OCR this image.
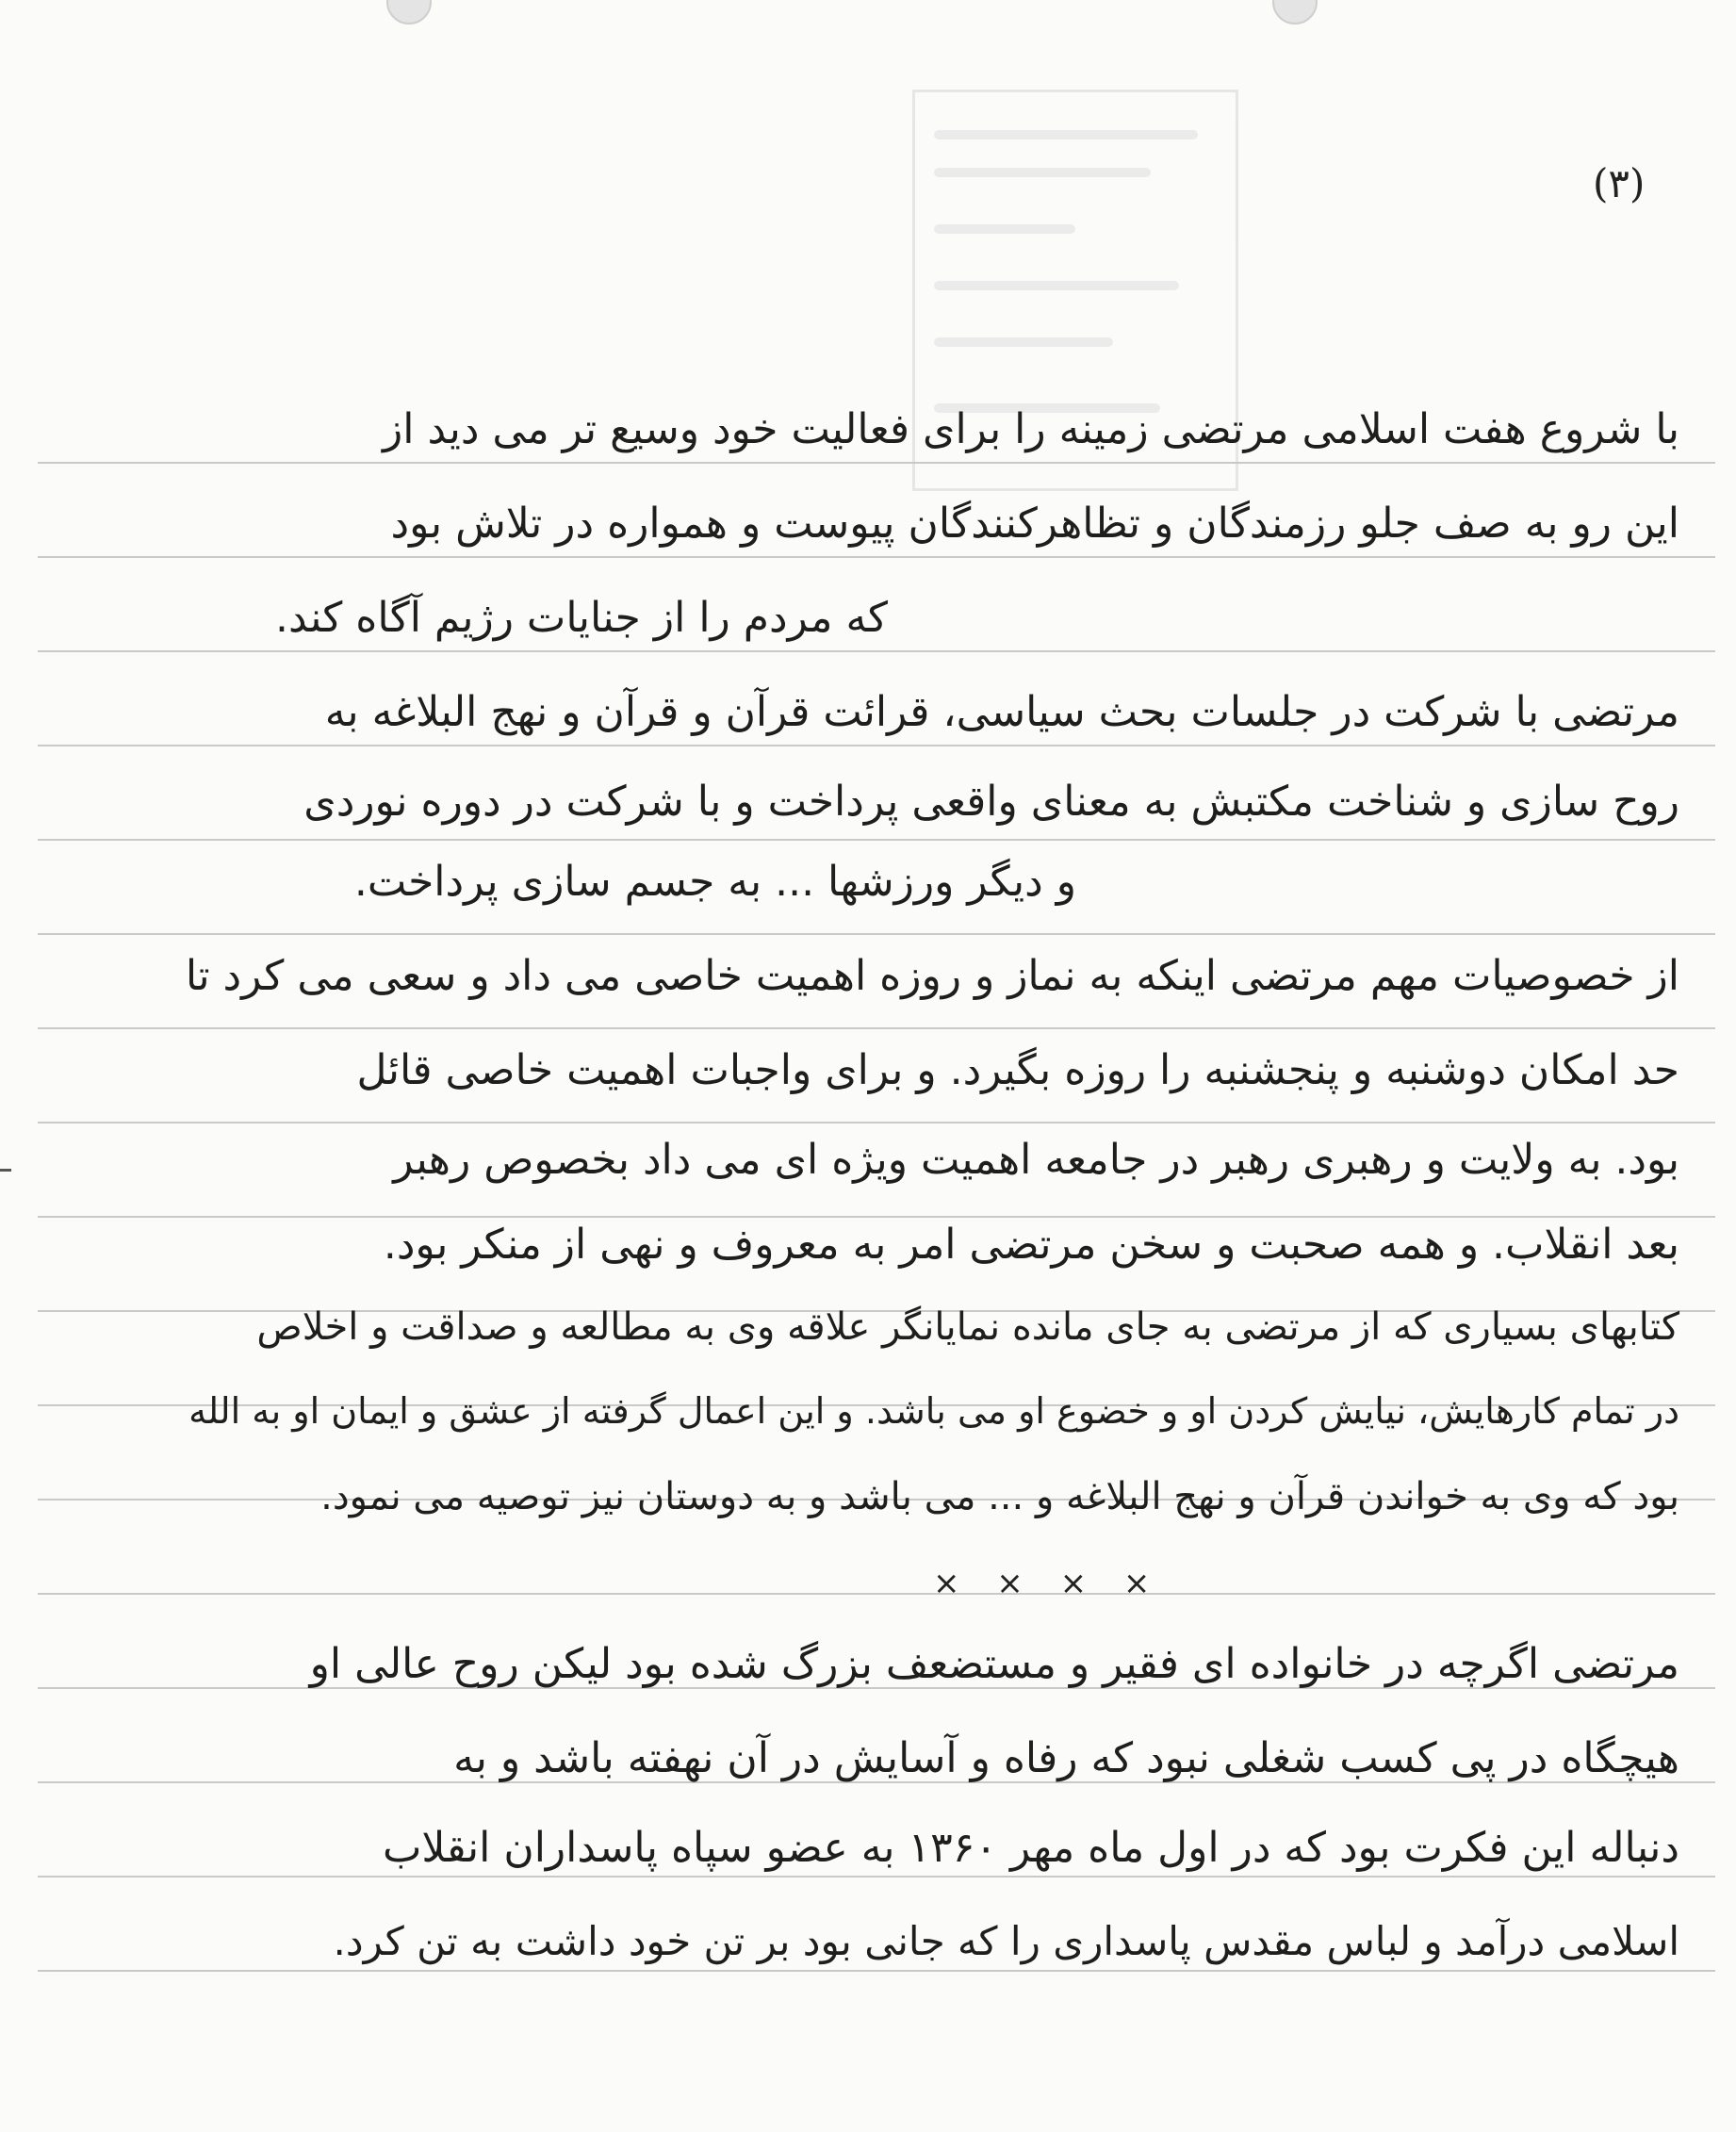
(۳)
با شروع هفت اسلامی مرتضی زمینه را برای فعالیت خود وسیع تر می دید از
این رو به صف جلو رزمندگان و تظاهرکنندگان پیوست و همواره در تلاش بود
که مردم را از جنایات رژیم آگاه کند.
مرتضی با شرکت در جلسات بحث سیاسی، قرائت قرآن و قرآن و نهج البلاغه به
روح سازی و شناخت مکتبش به معنای واقعی پرداخت و با شرکت در دوره نوردی
و دیگر ورزشها ... به جسم سازی پرداخت.
از خصوصیات مهم مرتضی اینکه به نماز و روزه اهمیت خاصی می داد و سعی می کرد تا
حد امکان دوشنبه و پنجشنبه را روزه بگیرد. و برای واجبات اهمیت خاصی قائل
بود. به ولایت و رهبری رهبر در جامعه اهمیت ویژه ای می داد بخصوص رهبر
بعد انقلاب. و همه صحبت و سخن مرتضی امر به معروف و نهی از منکر بود.
کتابهای بسیاری که از مرتضی به جای مانده نمایانگر علاقه وی به مطالعه و صداقت و اخلاص
در تمام کارهایش، نیایش کردن او و خضوع او می باشد. و این اعمال گرفته از عشق و ایمان او به الله
بود که وی به خواندن قرآن و نهج البلاغه و ... می باشد و به دوستان نیز توصیه می نمود.
× × × ×
مرتضی اگرچه در خانواده ای فقیر و مستضعف بزرگ شده بود لیکن روح عالی او
هیچگاه در پی کسب شغلی نبود که رفاه و آسایش در آن نهفته باشد و به
دنباله این فکرت بود که در اول ماه مهر ۱۳۶۰ به عضو سپاه پاسداران انقلاب
اسلامی درآمد و لباس مقدس پاسداری را که جانی بود بر تن خود داشت به تن کرد.
